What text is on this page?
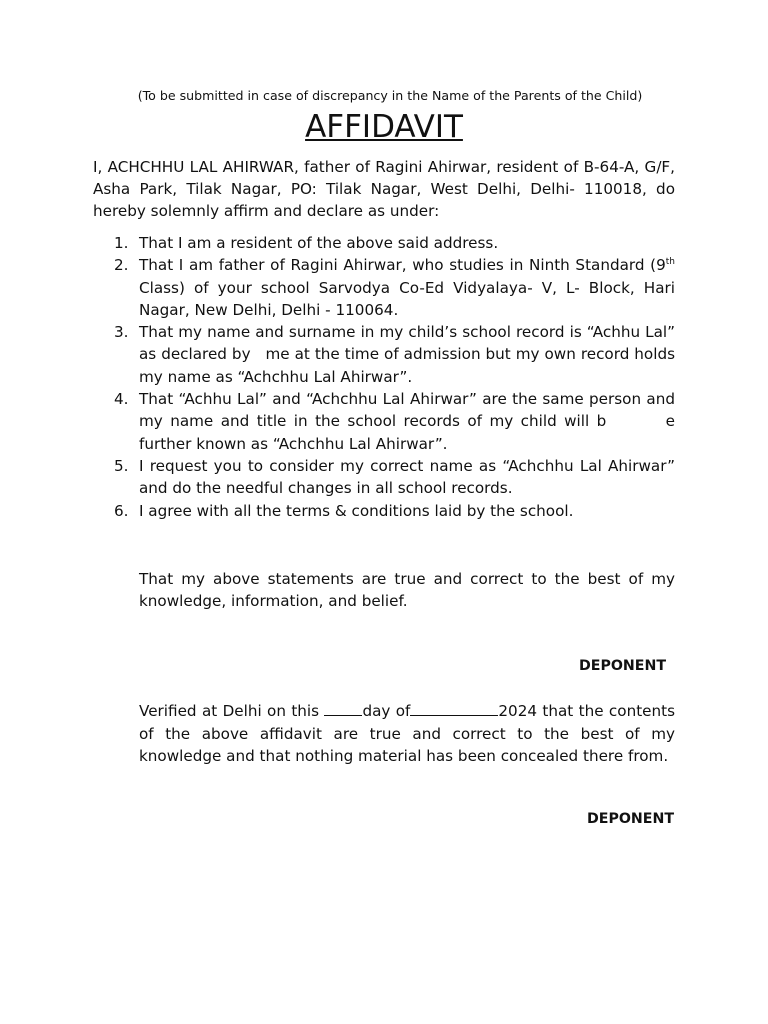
(To be submitted in case of discrepancy in the Name of the Parents of the Child)
AFFIDAVIT

I, ACHCHHU LAL AHIRWAR, father of Ragini Ahirwar, resident of B-64-A, G/F, Asha Park, Tilak Nagar, PO: Tilak Nagar, West Delhi, Delhi- 110018, do hereby solemnly affirm and declare as under:

1. That I am a resident of the above said address.
2. That I am father of Ragini Ahirwar, who studies in Ninth Standard (9th Class) of your school Sarvodya Co-Ed Vidyalaya- V, L- Block, Hari Nagar, New Delhi, Delhi - 110064.
3. That my name and surname in my child’s school record is “Achhu Lal” as declared by   me at the time of admission but my own record holds my name as “Achchhu Lal Ahirwar”.
4. That “Achhu Lal” and “Achchhu Lal Ahirwar” are the same person and my name and title in the school records of my child will b        e further known as “Achchhu Lal Ahirwar”.
5. I request you to consider my correct name as “Achchhu Lal Ahirwar” and do the needful changes in all school records.
6. I agree with all the terms & conditions laid by the school.

That my above statements are true and correct to the best of my knowledge, information, and belief.

DEPONENT

Verified at Delhi on this	day of	2024 that the contents of the above affidavit are true and correct to the best of my knowledge and that nothing material has been concealed there from.

DEPONENT
